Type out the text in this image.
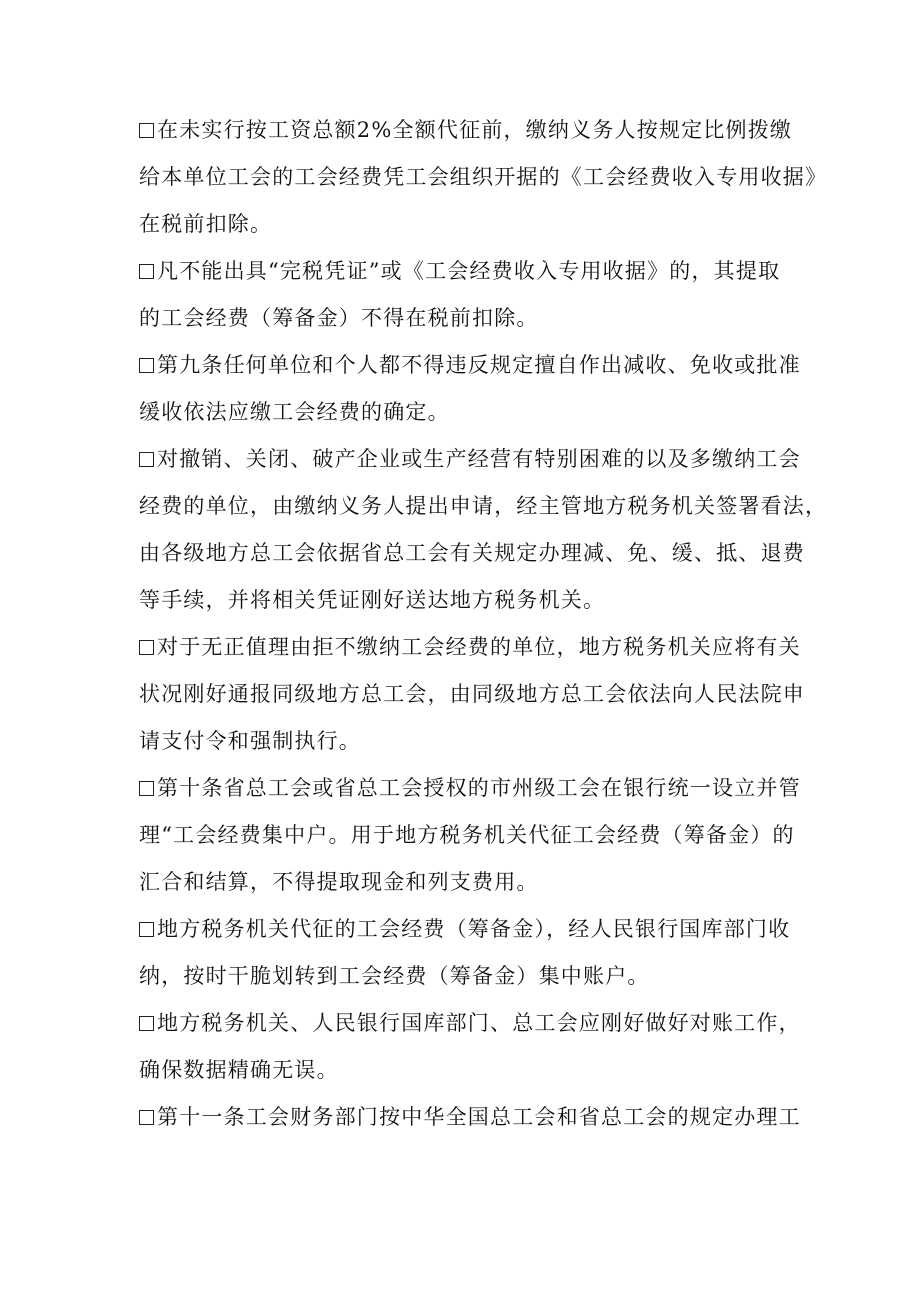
在未实行按工资总额2%全额代征前，缴纳义务人按规定比例拨缴
给本单位工会的工会经费凭工会组织开据的《工会经费收入专用收据》
在税前扣除。
凡不能出具“完税凭证”或《工会经费收入专用收据》的，其提取
的工会经费（筹备金）不得在税前扣除。
第九条任何单位和个人都不得违反规定擅自作出减收、免收或批准
缓收依法应缴工会经费的确定。
对撤销、关闭、破产企业或生产经营有特别困难的以及多缴纳工会
经费的单位，由缴纳义务人提出申请，经主管地方税务机关签署看法，
由各级地方总工会依据省总工会有关规定办理减、免、缓、抵、退费
等手续，并将相关凭证刚好送达地方税务机关。
对于无正值理由拒不缴纳工会经费的单位，地方税务机关应将有关
状况刚好通报同级地方总工会，由同级地方总工会依法向人民法院申
请支付令和强制执行。
第十条省总工会或省总工会授权的市州级工会在银行统一设立并管
理“工会经费集中户。用于地方税务机关代征工会经费（筹备金）的
汇合和结算，不得提取现金和列支费用。
地方税务机关代征的工会经费（筹备金），经人民银行国库部门收
纳，按时干脆划转到工会经费（筹备金）集中账户。
地方税务机关、人民银行国库部门、总工会应刚好做好对账工作，
确保数据精确无误。
第十一条工会财务部门按中华全国总工会和省总工会的规定办理工
